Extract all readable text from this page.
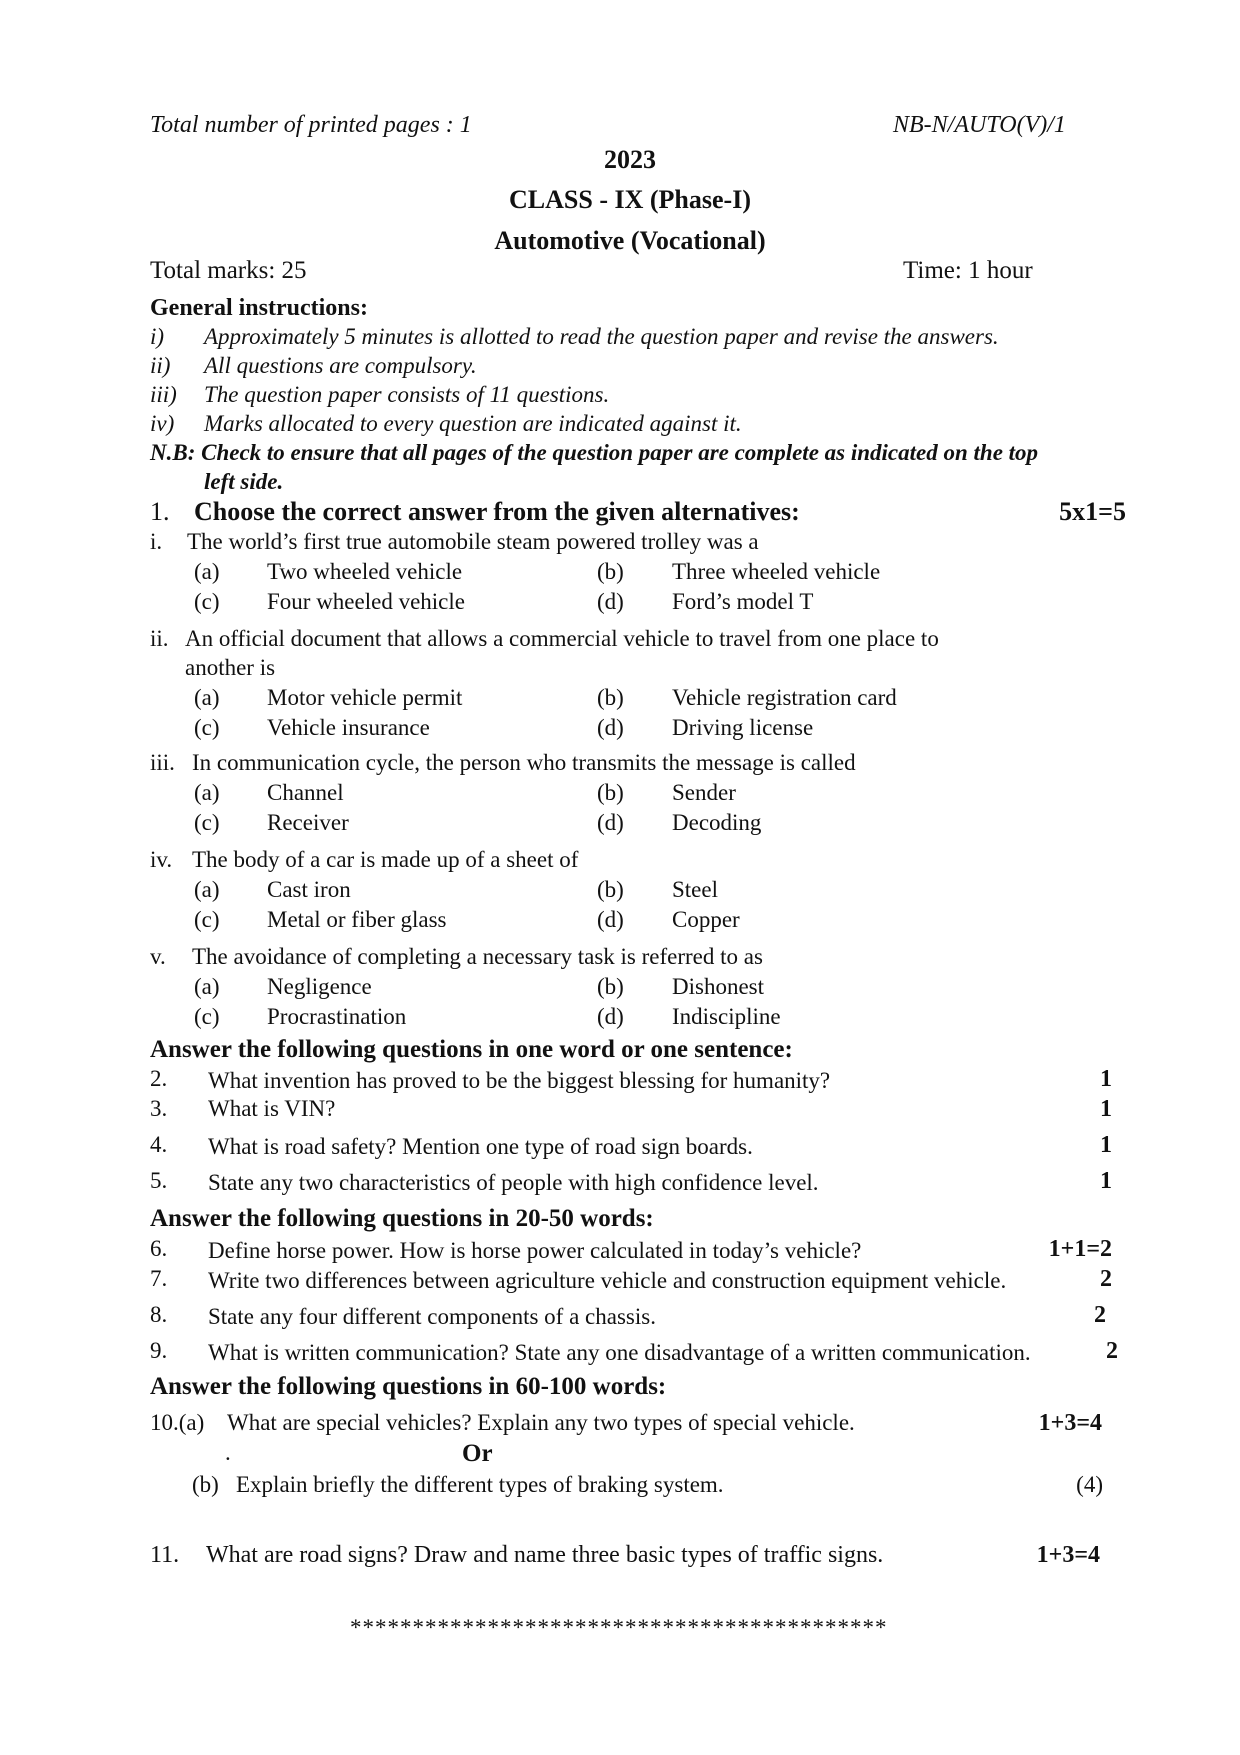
Total number of printed pages : 1	NB-N/AUTO(V)/1
2023
CLASS - IX (Phase-I)
Automotive (Vocational)
Total marks: 25	Time: 1 hour
General instructions:
i) Approximately 5 minutes is allotted to read the question paper and revise the answers.
ii) All questions are compulsory.
iii) The question paper consists of 11 questions.
iv) Marks allocated to every question are indicated against it.
N.B: Check to ensure that all pages of the question paper are complete as indicated on the top
left side.
1. Choose the correct answer from the given alternatives:	5x1=5
i. The world’s first true automobile steam powered trolley was a
(a) Two wheeled vehicle	(b) Three wheeled vehicle
(c) Four wheeled vehicle	(d) Ford’s model T
ii. An official document that allows a commercial vehicle to travel from one place to
another is
(a) Motor vehicle permit	(b) Vehicle registration card
(c) Vehicle insurance	(d) Driving license
iii. In communication cycle, the person who transmits the message is called
(a) Channel	(b) Sender
(c) Receiver	(d) Decoding
iv. The body of a car is made up of a sheet of
(a) Cast iron	(b) Steel
(c) Metal or fiber glass	(d) Copper
v. The avoidance of completing a necessary task is referred to as
(a) Negligence	(b) Dishonest
(c) Procrastination	(d) Indiscipline
Answer the following questions in one word or one sentence:
2. What invention has proved to be the biggest blessing for humanity?	1
3. What is VIN?	1
4. What is road safety? Mention one type of road sign boards.	1
5. State any two characteristics of people with high confidence level.	1
Answer the following questions in 20-50 words:
6. Define horse power. How is horse power calculated in today’s vehicle?	1+1=2
7. Write two differences between agriculture vehicle and construction equipment vehicle.	2
8. State any four different components of a chassis.	2
9. What is written communication? State any one disadvantage of a written communication.	2
Answer the following questions in 60-100 words:
10.(a) What are special vehicles? Explain any two types of special vehicle.	1+3=4
.	Or
(b) Explain briefly the different types of braking system.	(4)
11. What are road signs? Draw and name three basic types of traffic signs.	1+3=4
*******************************************
